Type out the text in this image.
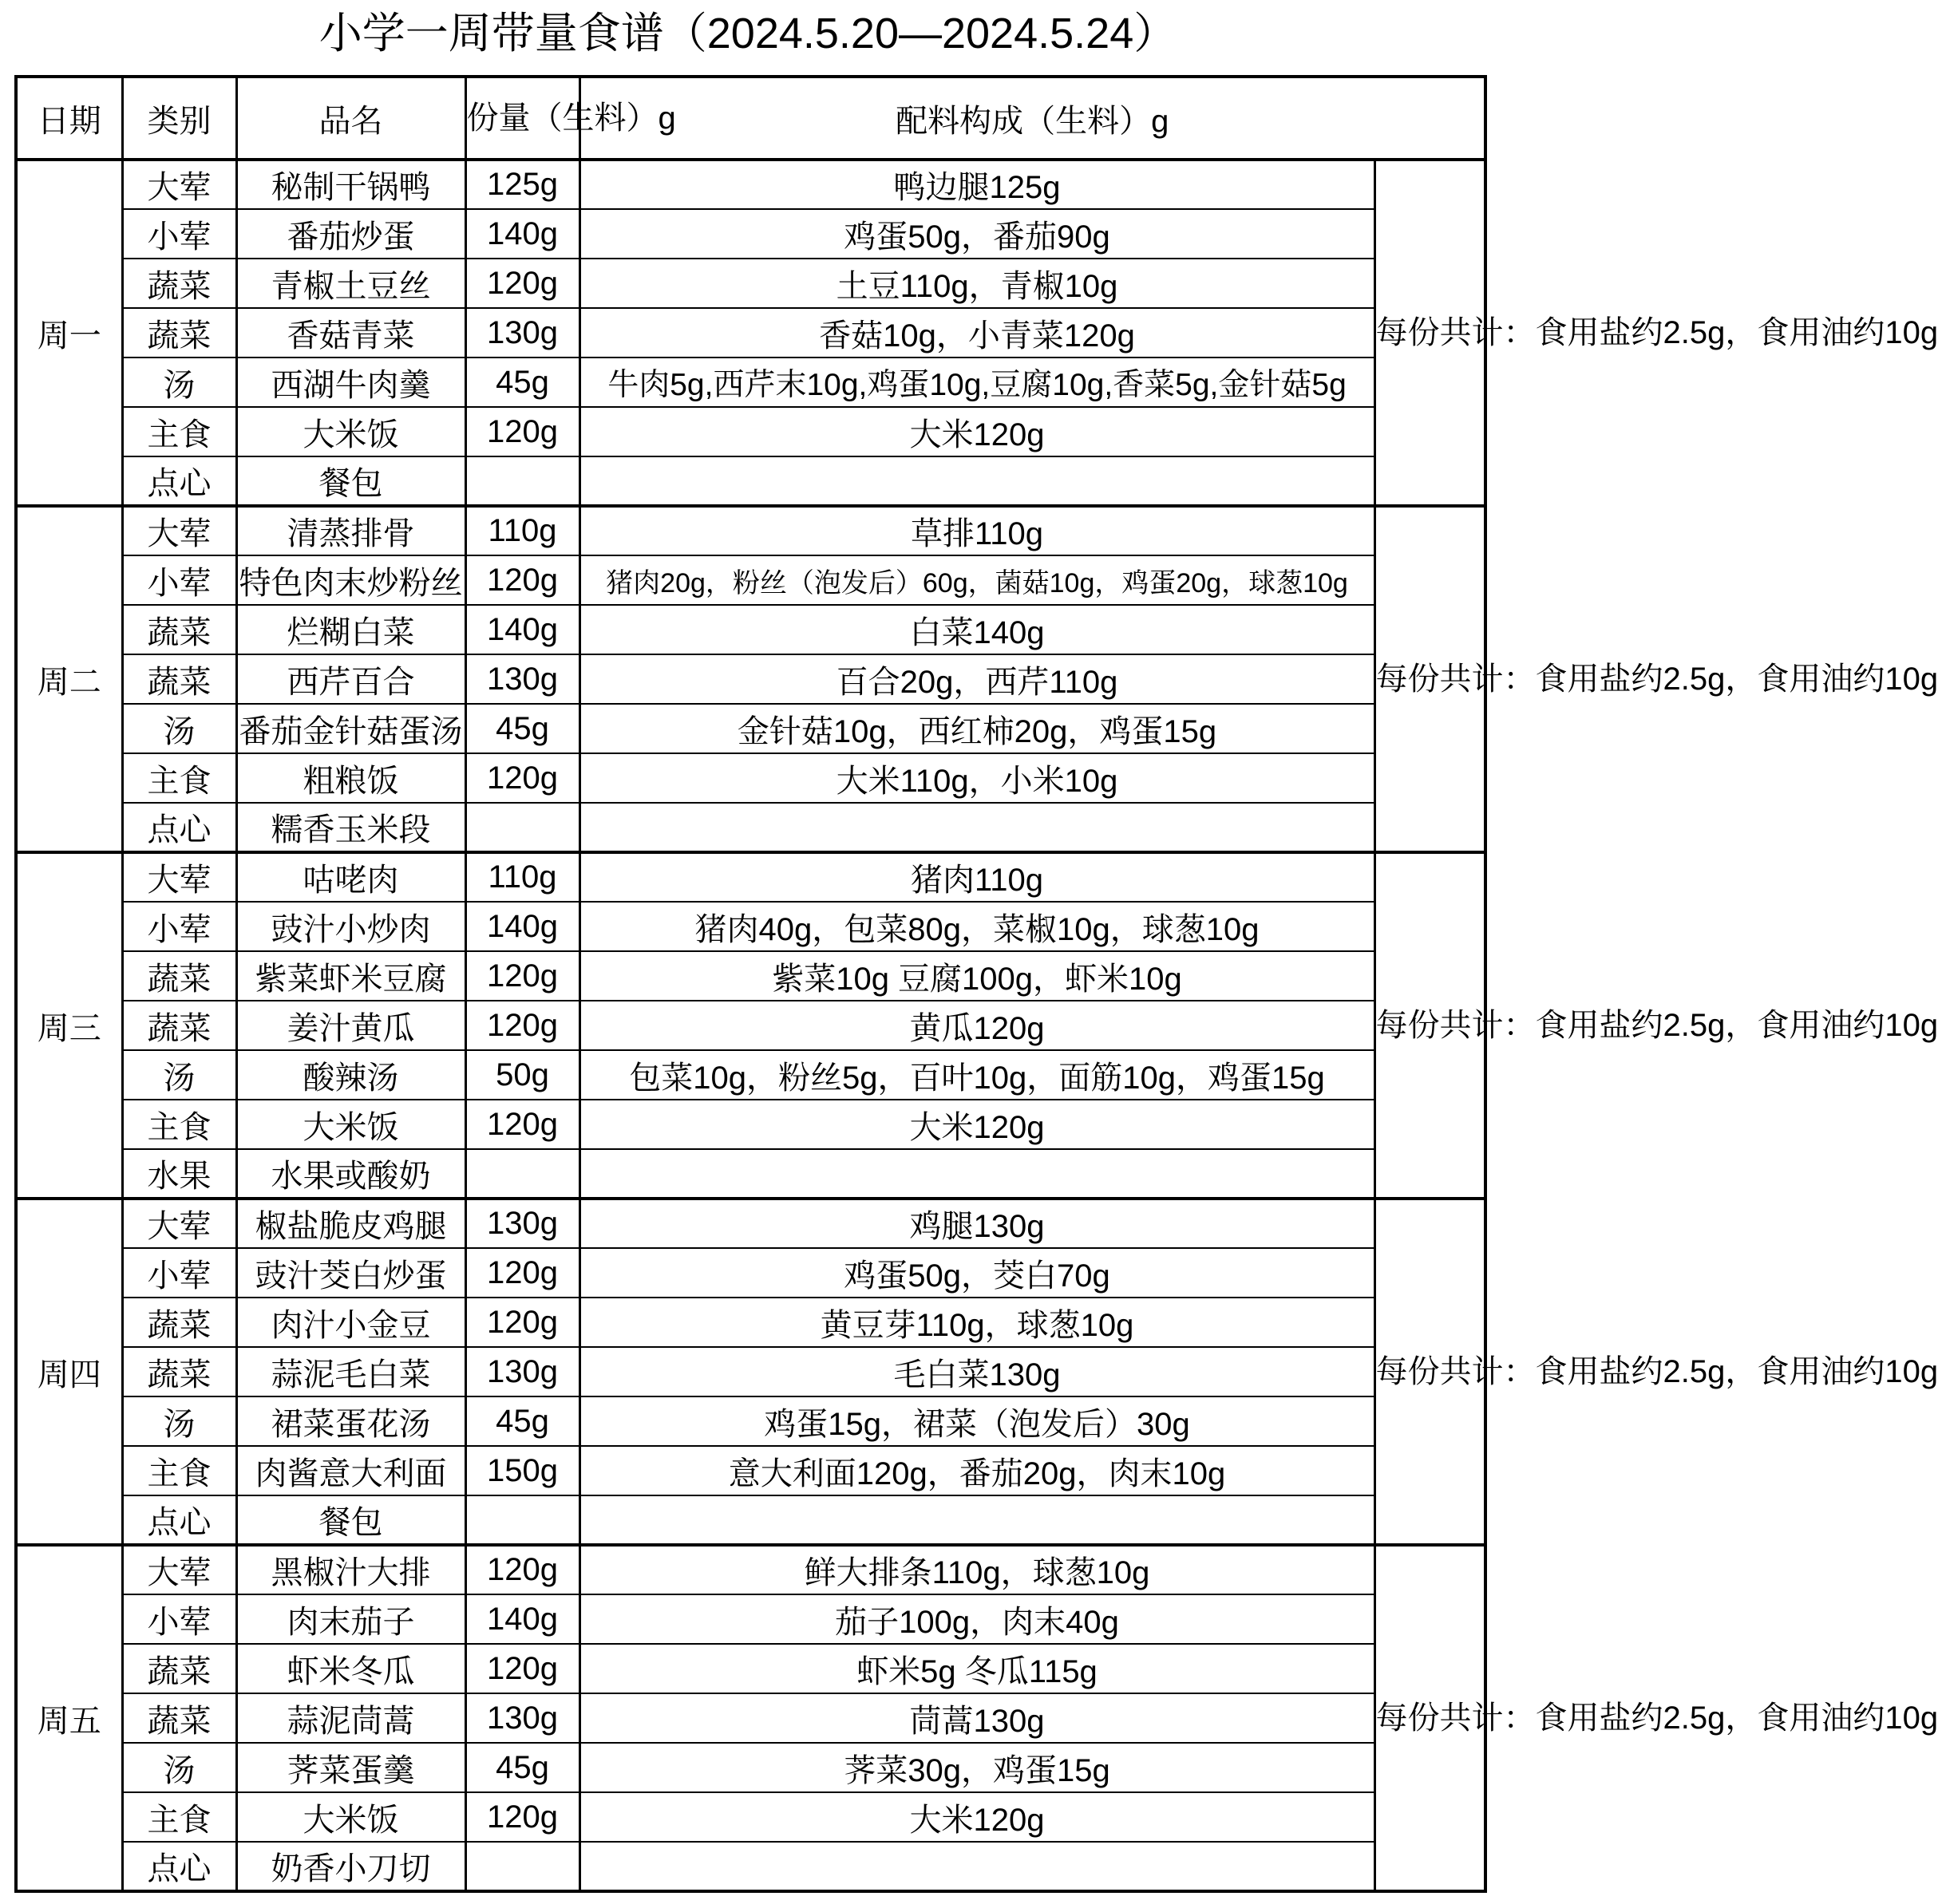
小学一周带量食谱（2024.5.20—2024.5.24）
日期	类别	品名	份量（生料）g	配料构成（生料）g	
周一	大荤	秘制干锅鸭	125g	鸭边腿125g	每份共计：食用盐约2.5g，食用油约10g
	小荤	番茄炒蛋	140g	鸡蛋50g，番茄90g	
	蔬菜	青椒土豆丝	120g	土豆110g，青椒10g	
	蔬菜	香菇青菜	130g	香菇10g，小青菜120g	
	汤	西湖牛肉羹	45g	牛肉5g,西芹末10g,鸡蛋10g,豆腐10g,香菜5g,金针菇5g	
	主食	大米饭	120g	大米120g	
	点心	餐包			
周二	大荤	清蒸排骨	110g	草排110g	每份共计：食用盐约2.5g，食用油约10g
	小荤	特色肉末炒粉丝	120g	猪肉20g，粉丝（泡发后）60g，菌菇10g，鸡蛋20g，球葱10g	
	蔬菜	烂糊白菜	140g	白菜140g	
	蔬菜	西芹百合	130g	百合20g，西芹110g	
	汤	番茄金针菇蛋汤	45g	金针菇10g，西红柿20g，鸡蛋15g	
	主食	粗粮饭	120g	大米110g，小米10g	
	点心	糯香玉米段			
周三	大荤	咕咾肉	110g	猪肉110g	每份共计：食用盐约2.5g，食用油约10g
	小荤	豉汁小炒肉	140g	猪肉40g，包菜80g，菜椒10g，球葱10g	
	蔬菜	紫菜虾米豆腐	120g	紫菜10g 豆腐100g，虾米10g	
	蔬菜	姜汁黄瓜	120g	黄瓜120g	
	汤	酸辣汤	50g	包菜10g，粉丝5g，百叶10g，面筋10g，鸡蛋15g	
	主食	大米饭	120g	大米120g	
	水果	水果或酸奶			
周四	大荤	椒盐脆皮鸡腿	130g	鸡腿130g	每份共计：食用盐约2.5g，食用油约10g
	小荤	豉汁茭白炒蛋	120g	鸡蛋50g，茭白70g	
	蔬菜	肉汁小金豆	120g	黄豆芽110g，球葱10g	
	蔬菜	蒜泥毛白菜	130g	毛白菜130g	
	汤	裙菜蛋花汤	45g	鸡蛋15g，裙菜（泡发后）30g	
	主食	肉酱意大利面	150g	意大利面120g，番茄20g，肉末10g	
	点心	餐包			
周五	大荤	黑椒汁大排	120g	鲜大排条110g，球葱10g	每份共计：食用盐约2.5g，食用油约10g
	小荤	肉末茄子	140g	茄子100g，肉末40g	
	蔬菜	虾米冬瓜	120g	虾米5g 冬瓜115g	
	蔬菜	蒜泥茼蒿	130g	茼蒿130g	
	汤	荠菜蛋羹	45g	荠菜30g，鸡蛋15g	
	主食	大米饭	120g	大米120g	
	点心	奶香小刀切			
